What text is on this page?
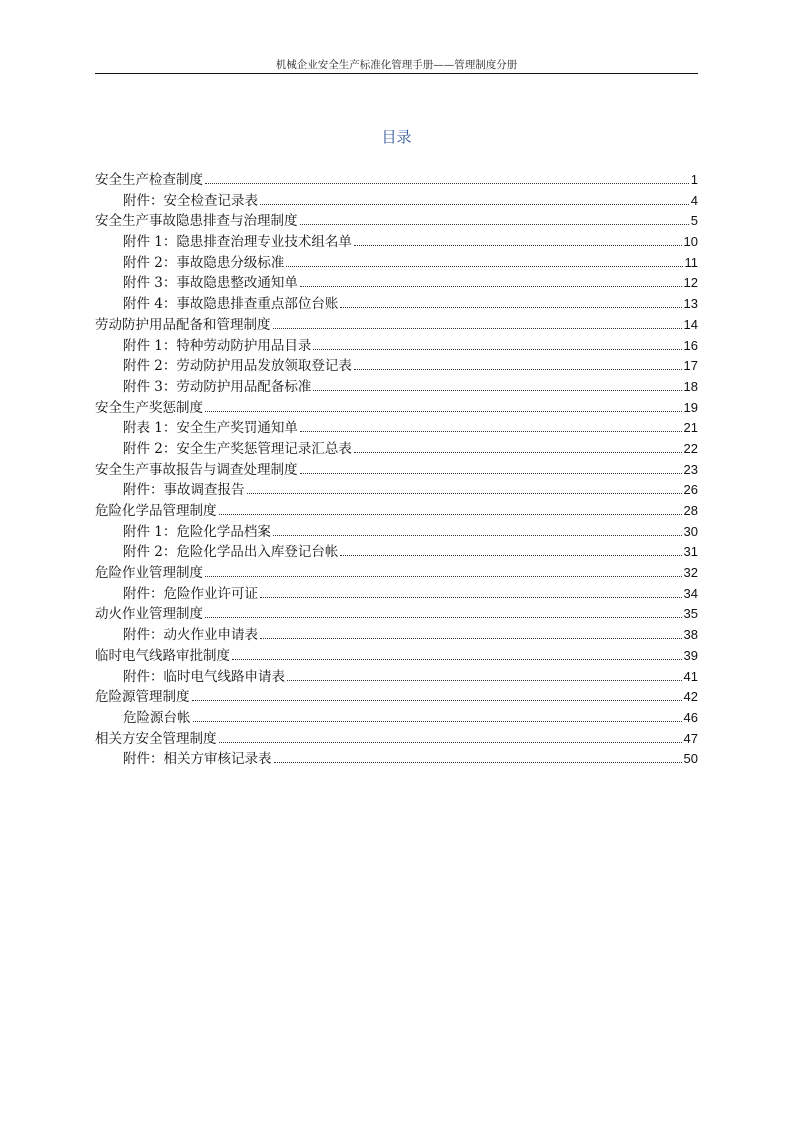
机械企业安全生产标准化管理手册——管理制度分册
目录
安全生产检查制度	1
附件：安全检查记录表	4
安全生产事故隐患排查与治理制度	5
附件 1：隐患排查治理专业技术组名单	10
附件 2：事故隐患分级标准	11
附件 3：事故隐患整改通知单	12
附件 4：事故隐患排查重点部位台账	13
劳动防护用品配备和管理制度	14
附件 1：特种劳动防护用品目录	16
附件 2：劳动防护用品发放领取登记表	17
附件 3：劳动防护用品配备标准	18
安全生产奖惩制度	19
附表 1：安全生产奖罚通知单	21
附件 2：安全生产奖惩管理记录汇总表	22
安全生产事故报告与调查处理制度	23
附件：事故调查报告	26
危险化学品管理制度	28
附件 1：危险化学品档案	30
附件 2：危险化学品出入库登记台帐	31
危险作业管理制度	32
附件：危险作业许可证	34
动火作业管理制度	35
附件：动火作业申请表	38
临时电气线路审批制度	39
附件：临时电气线路申请表	41
危险源管理制度	42
危险源台帐	46
相关方安全管理制度	47
附件：相关方审核记录表	50
